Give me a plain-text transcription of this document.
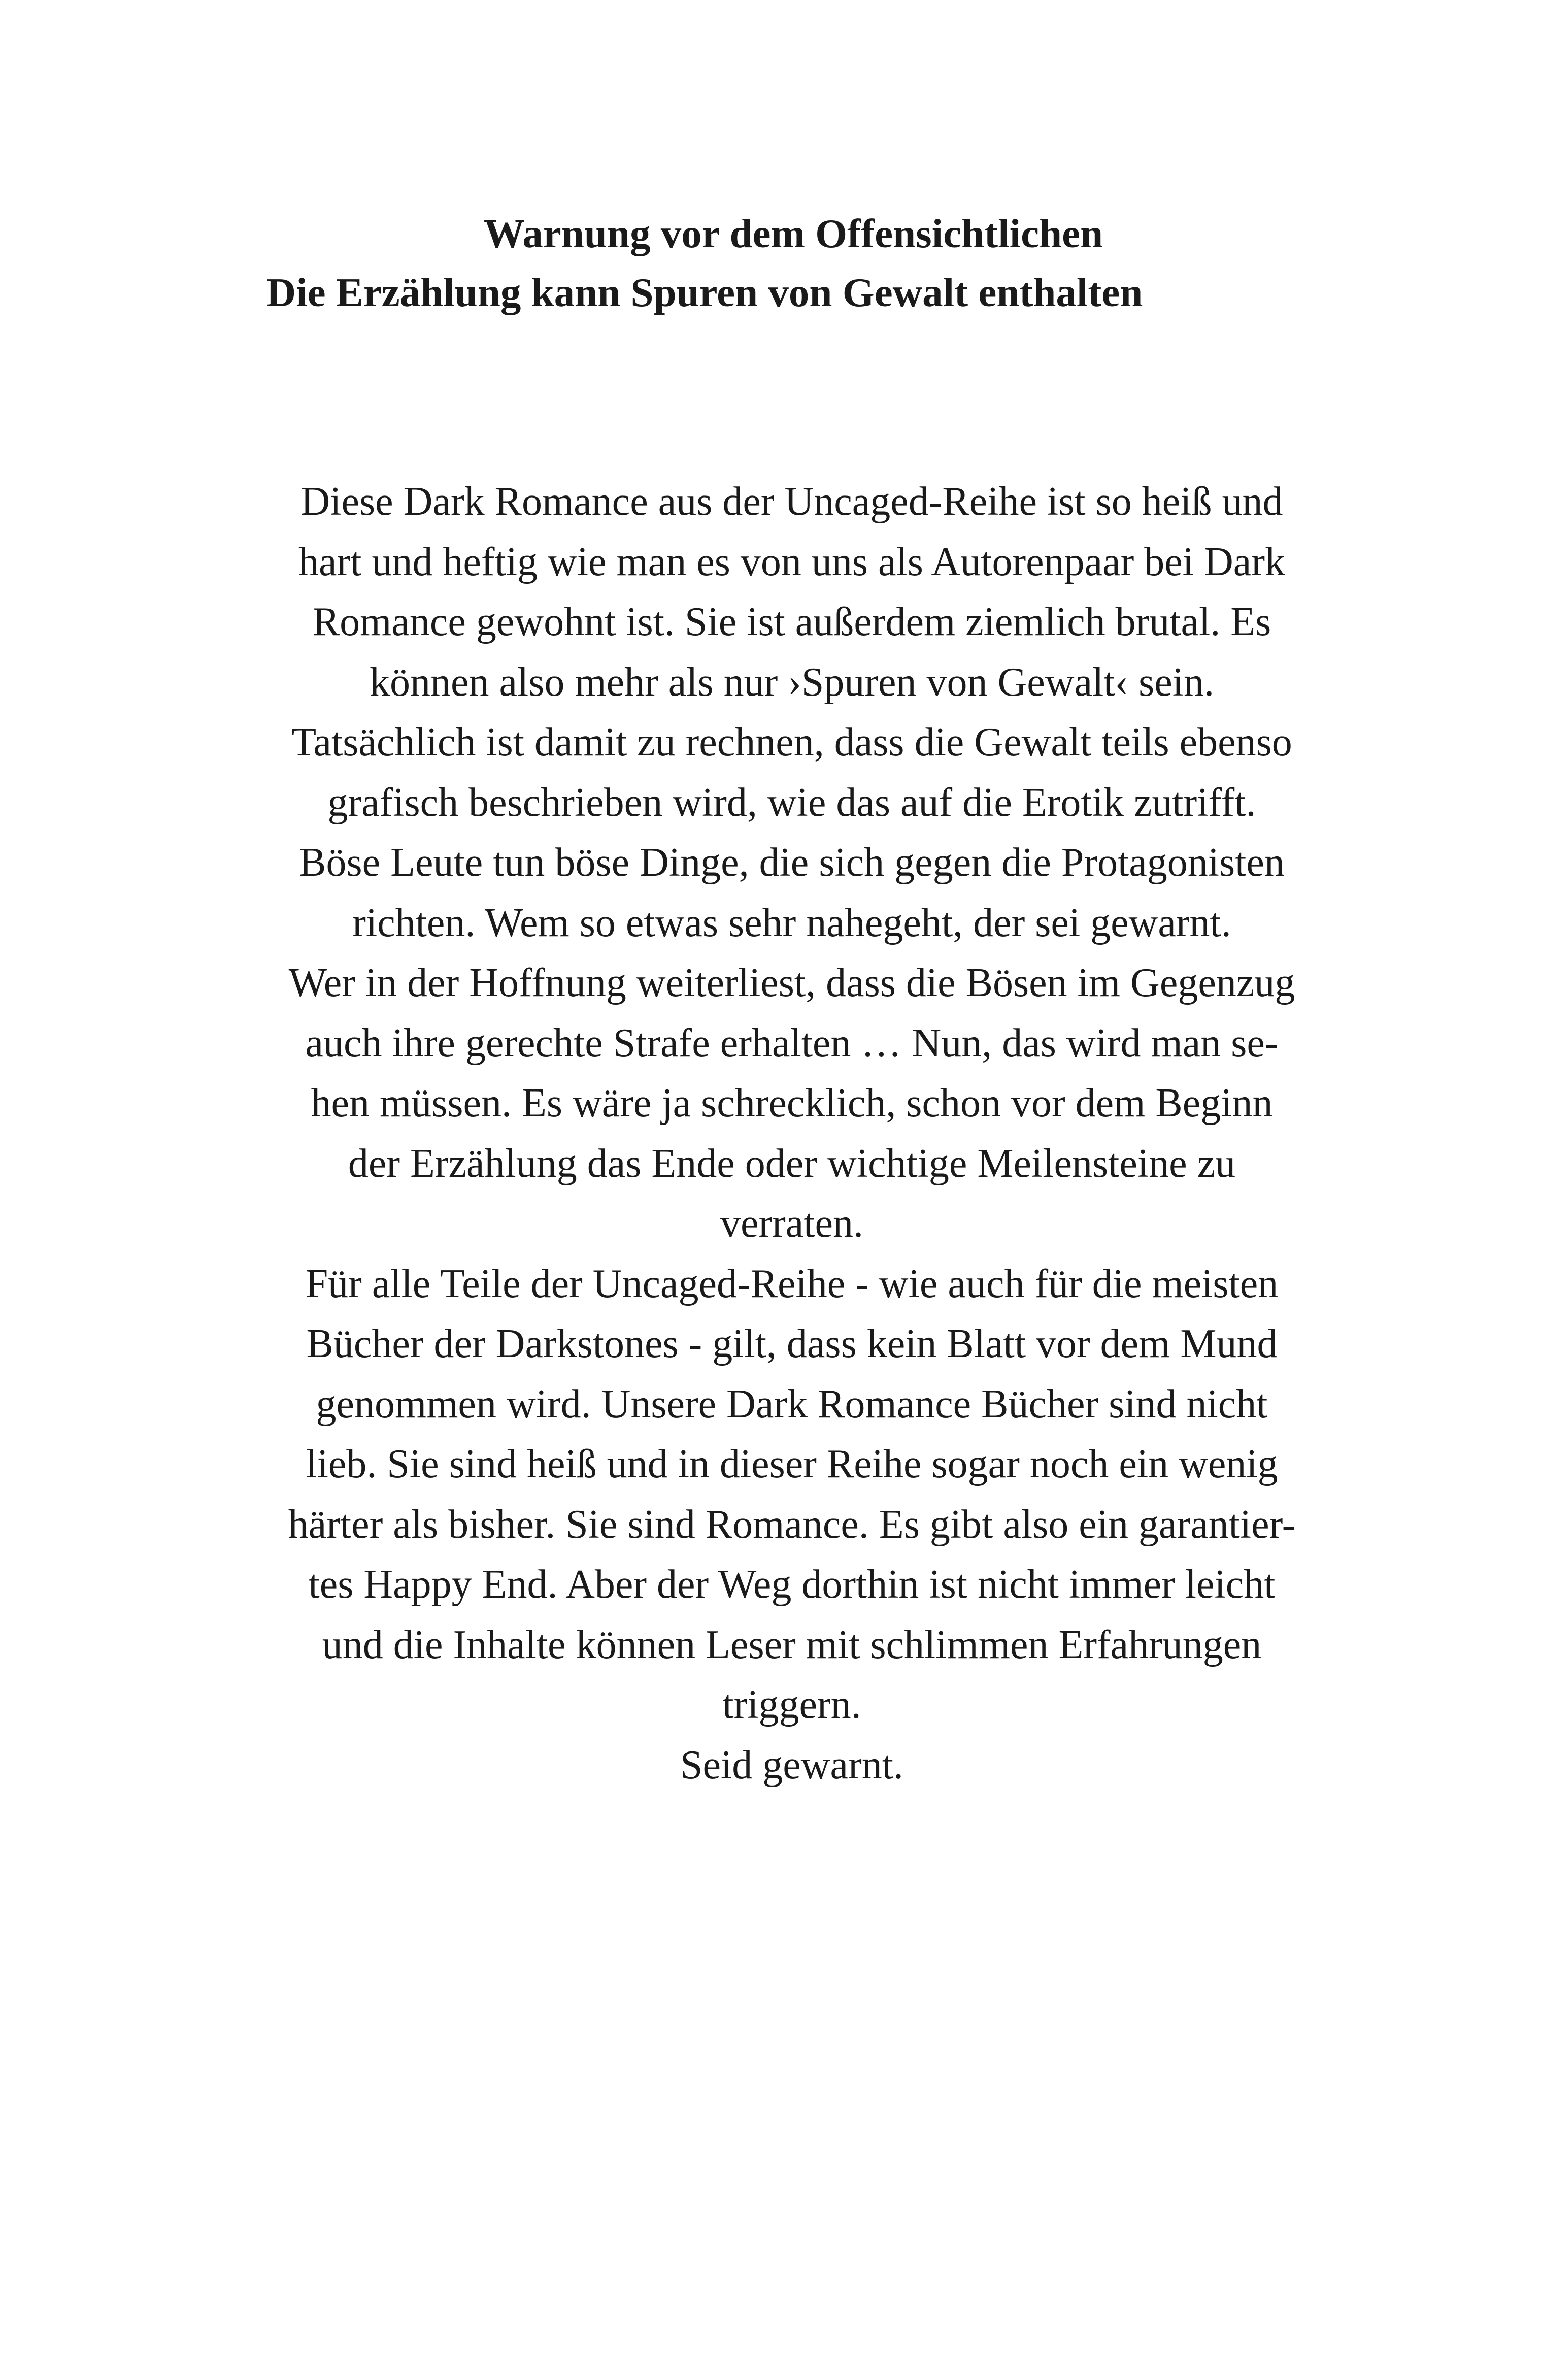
Warnung vor dem Offensichtlichen
Die Erzählung kann Spuren von Gewalt enthalten
Diese Dark Romance aus der Uncaged-Reihe ist so heiß und
hart und heftig wie man es von uns als Autorenpaar bei Dark
Romance gewohnt ist. Sie ist außerdem ziemlich brutal. Es
können also mehr als nur ›Spuren von Gewalt‹ sein.
Tatsächlich ist damit zu rechnen, dass die Gewalt teils ebenso
grafisch beschrieben wird, wie das auf die Erotik zutrifft.
Böse Leute tun böse Dinge, die sich gegen die Protagonisten
richten. Wem so etwas sehr nahegeht, der sei gewarnt.
Wer in der Hoffnung weiterliest, dass die Bösen im Gegenzug
auch ihre gerechte Strafe erhalten … Nun, das wird man se-
hen müssen. Es wäre ja schrecklich, schon vor dem Beginn
der Erzählung das Ende oder wichtige Meilensteine zu
verraten.
Für alle Teile der Uncaged-Reihe - wie auch für die meisten
Bücher der Darkstones - gilt, dass kein Blatt vor dem Mund
genommen wird. Unsere Dark Romance Bücher sind nicht
lieb. Sie sind heiß und in dieser Reihe sogar noch ein wenig
härter als bisher. Sie sind Romance. Es gibt also ein garantier-
tes Happy End. Aber der Weg dorthin ist nicht immer leicht
und die Inhalte können Leser mit schlimmen Erfahrungen
triggern.
Seid gewarnt.
